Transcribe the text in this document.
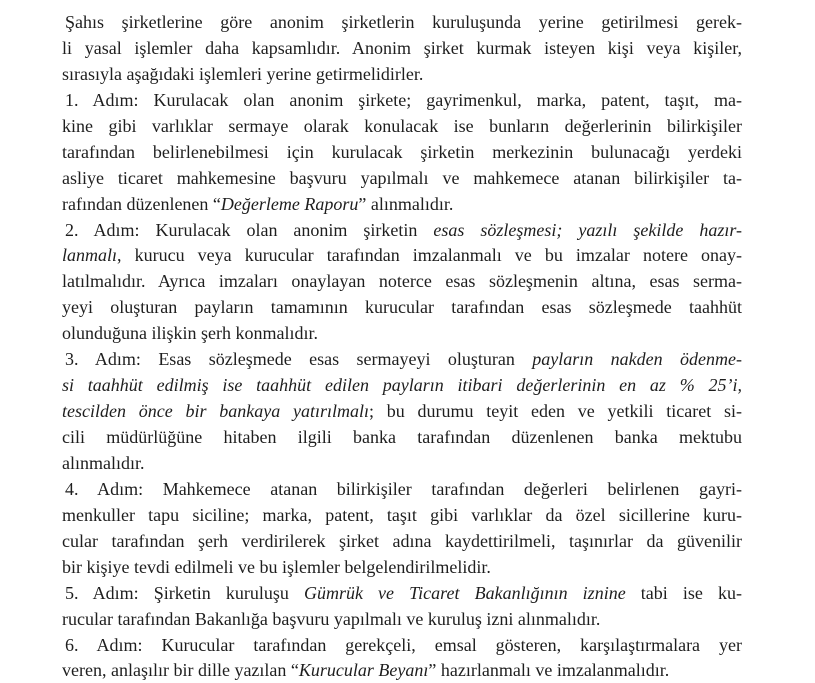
Şahıs şirketlerine göre anonim şirketlerin kuruluşunda yerine getirilmesi gerek-
li yasal işlemler daha kapsamlıdır. Anonim şirket kurmak isteyen kişi veya kişiler,
sırasıyla aşağıdaki işlemleri yerine getirmelidirler.
1. Adım: Kurulacak olan anonim şirkete; gayrimenkul, marka, patent, taşıt, ma-
kine gibi varlıklar sermaye olarak konulacak ise bunların değerlerinin bilirkişiler
tarafından belirlenebilmesi için kurulacak şirketin merkezinin bulunacağı yerdeki
asliye ticaret mahkemesine başvuru yapılmalı ve mahkemece atanan bilirkişiler ta-
rafından düzenlenen “Değerleme Raporu” alınmalıdır.
2. Adım: Kurulacak olan anonim şirketin esas sözleşmesi; yazılı şekilde hazır-
lanmalı, kurucu veya kurucular tarafından imzalanmalı ve bu imzalar notere onay-
latılmalıdır. Ayrıca imzaları onaylayan noterce esas sözleşmenin altına, esas serma-
yeyi oluşturan payların tamamının kurucular tarafından esas sözleşmede taahhüt
olunduğuna ilişkin şerh konmalıdır.
3. Adım: Esas sözleşmede esas sermayeyi oluşturan payların nakden ödenme-
si taahhüt edilmiş ise taahhüt edilen payların itibari değerlerinin en az % 25’i,
tescilden önce bir bankaya yatırılmalı; bu durumu teyit eden ve yetkili ticaret si-
cili müdürlüğüne hitaben ilgili banka tarafından düzenlenen banka mektubu
alınmalıdır.
4. Adım: Mahkemece atanan bilirkişiler tarafından değerleri belirlenen gayri-
menkuller tapu siciline; marka, patent, taşıt gibi varlıklar da özel sicillerine kuru-
cular tarafından şerh verdirilerek şirket adına kaydettirilmeli, taşınırlar da güvenilir
bir kişiye tevdi edilmeli ve bu işlemler belgelendirilmelidir.
5. Adım: Şirketin kuruluşu Gümrük ve Ticaret Bakanlığının iznine tabi ise ku-
rucular tarafından Bakanlığa başvuru yapılmalı ve kuruluş izni alınmalıdır.
6. Adım: Kurucular tarafından gerekçeli, emsal gösteren, karşılaştırmalara yer
veren, anlaşılır bir dille yazılan “Kurucular Beyanı” hazırlanmalı ve imzalanmalıdır.
